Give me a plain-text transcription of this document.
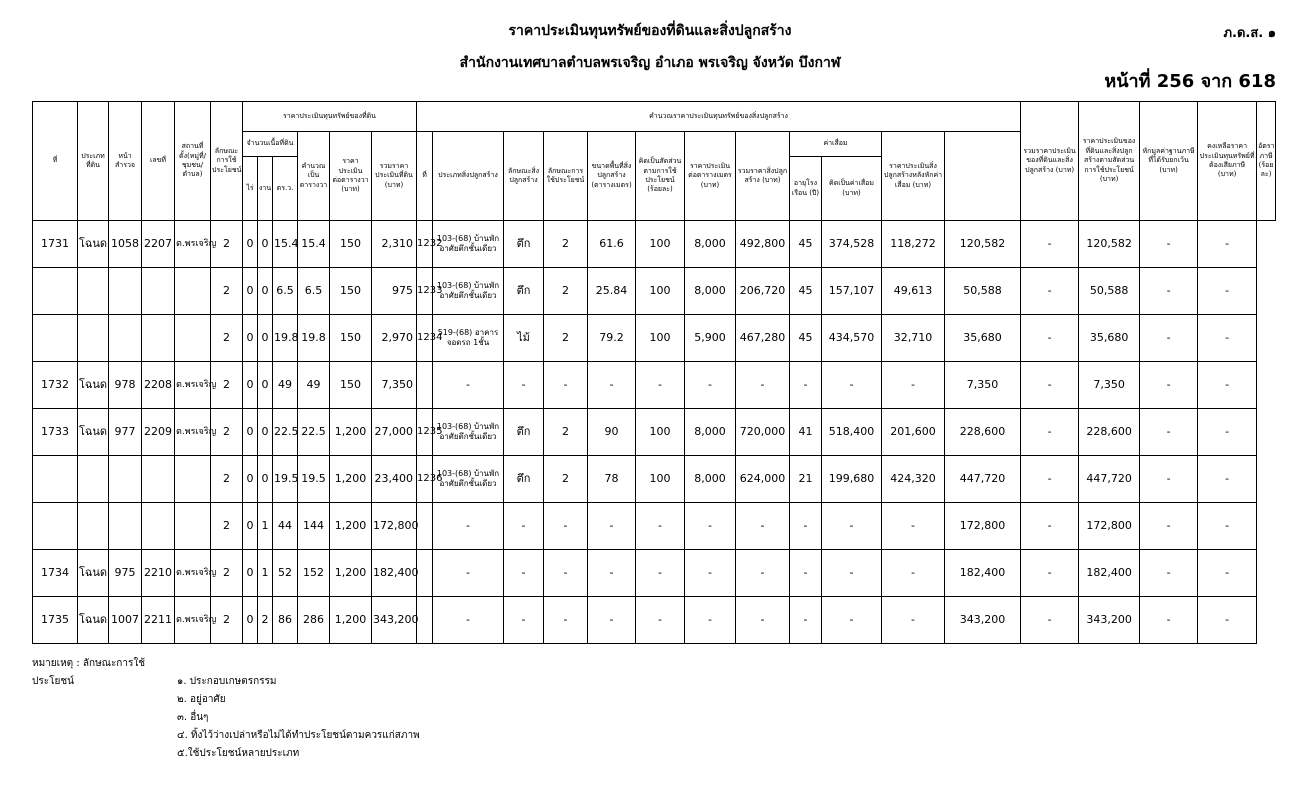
ราคาประเมินทุนทรัพย์ของที่ดินและสิ่งปลูกสร้าง
สำนักงานเทศบาลตำบลพรเจริญ อำเภอ พรเจริญ จังหวัด บึงกาฬ
ภ.ด.ส. ๑
หน้าที่ 256 จาก 618
ที่	ประเภทที่ดิน	หน้าสำรวจ	เลขที่	สถานที่ตั้ง(หมู่ที่/ชุมชน/ตำบล)	ลักษณะการใช้ประโยชน์	ราคาประเมินทุนทรัพย์ของที่ดิน						คำนวณราคาประเมินทุนทรัพย์ของสิ่งปลูกสร้าง												รวมราคาประเมินของที่ดินและสิ่งปลูกสร้าง (บาท)	ราคาประเมินของที่ดินและสิ่งปลูกสร้างตามสัดส่วนการใช้ประโยชน์ (บาท)	หักมูลค่าฐานภาษีที่ได้รับยกเว้น (บาท)	คงเหลือราคาประเมินทุนทรัพย์ที่ต้องเสียภาษี (บาท)	อัตราภาษี (ร้อยละ)
						จำนวนเนื้อที่ดิน			คำนวณเป็นตารางวา	ราคาประเมินต่อตารางวา (บาท)	รวมราคาประเมินที่ดิน (บาท)	ที่	ประเภทสิ่งปลูกสร้าง	ลักษณะสิ่งปลูกสร้าง	ลักษณะการใช้ประโยชน์	ขนาดพื้นที่สิ่งปลูกสร้าง (ตารางเมตร)	คิดเป็นสัดส่วนตามการใช้ประโยชน์ (ร้อยละ)	ราคาประเมินต่อตารางเมตร (บาท)	รวมราคาสิ่งปลูกสร้าง (บาท)	ค่าเสื่อม		ราคาประเมินสิ่งปลูกสร้างหลังหักค่าเสื่อม (บาท)						
						ไร่	งาน	ตร.ว.												อายุโรงเรือน (ปี)	คิดเป็นค่าเสื่อม (บาท)							
1731	โฉนด	1058	2207	ต.พรเจริญ	2	0	0	15.4	15.4	150	2,310	1232	103-(68) บ้านพักอาศัยตึกชั้นเดียว	ตึก	2	61.6	100	8,000	492,800	45	374,528	118,272	120,582	-	120,582	-	-	
					2	0	0	6.5	6.5	150	975	1233	103-(68) บ้านพักอาศัยตึกชั้นเดียว	ตึก	2	25.84	100	8,000	206,720	45	157,107	49,613	50,588	-	50,588	-	-	
					2	0	0	19.8	19.8	150	2,970	1234	519-(68) อาคารจอดรถ 1ชั้น	ไม้	2	79.2	100	5,900	467,280	45	434,570	32,710	35,680	-	35,680	-	-	
1732	โฉนด	978	2208	ต.พรเจริญ	2	0	0	49	49	150	7,350		-	-	-	-	-	-	-	-	-	-	7,350	-	7,350	-	-	
1733	โฉนด	977	2209	ต.พรเจริญ	2	0	0	22.5	22.5	1,200	27,000	1235	103-(68) บ้านพักอาศัยตึกชั้นเดียว	ตึก	2	90	100	8,000	720,000	41	518,400	201,600	228,600	-	228,600	-	-	
					2	0	0	19.5	19.5	1,200	23,400	1236	103-(68) บ้านพักอาศัยตึกชั้นเดียว	ตึก	2	78	100	8,000	624,000	21	199,680	424,320	447,720	-	447,720	-	-	
					2	0	1	44	144	1,200	172,800		-	-	-	-	-	-	-	-	-	-	172,800	-	172,800	-	-	
1734	โฉนด	975	2210	ต.พรเจริญ	2	0	1	52	152	1,200	182,400		-	-	-	-	-	-	-	-	-	-	182,400	-	182,400	-	-	
1735	โฉนด	1007	2211	ต.พรเจริญ	2	0	2	86	286	1,200	343,200		-	-	-	-	-	-	-	-	-	-	343,200	-	343,200	-	-	
หมายเหตุ : ลักษณะการใช้ประโยชน์	๑. ประกอบเกษตรกรรม
๒. อยู่อาศัย
๓. อื่นๆ
๔. ทิ้งไว้ว่างเปล่าหรือไม่ได้ทำประโยชน์ตามควรแก่สภาพ
๕.ใช้ประโยชน์หลายประเภท
